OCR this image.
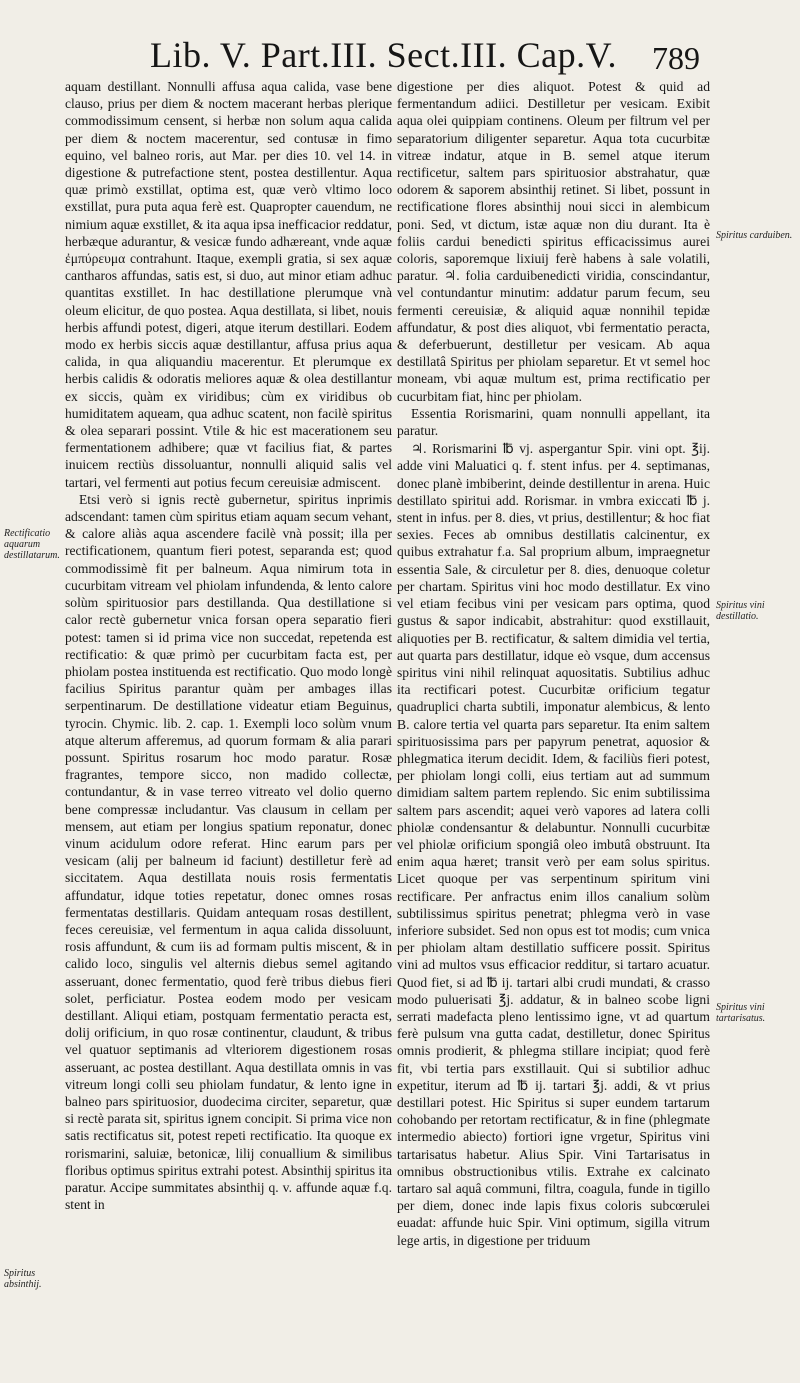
Lib. V. Part.III. Sect.III. Cap.V. 789

aquam destillant. Nonnulli affusa aqua calida, vase bene clauso, prius per diem & noctem macerant herbas plerique commodissimum censent, si herbæ non solum aqua calida per diem & noctem macerentur, sed contusæ in fimo equino, vel balneo roris, aut Mar. per dies 10. vel 14. in digestione & putrefactione stent, postea destillentur. Aqua quæ primò exstillat, optima est, quæ verò vltimo loco exstillat, pura puta aqua ferè est. Quapropter cauendum, ne nimium aquæ exstillet, & ita aqua ipsa inefficacior reddatur, herbæque adurantur, & vesicæ fundo adhæreant, vnde aquæ ἐμπύρευμα contrahunt. Itaque, exempli gratia, si sex aquæ cantharos affundas, satis est, si duo, aut minor etiam adhuc quantitas exstillet. In hac destillatione plerumque vnà oleum elicitur, de quo postea. Aqua destillata, si libet, nouis herbis affundi potest, digeri, atque iterum destillari. Eodem modo ex herbis siccis aquæ destillantur, affusa prius aqua calida, in qua aliquandiu macerentur. Et plerumque ex herbis calidis & odoratis meliores aquæ & olea destillantur ex siccis, quàm ex viridibus; cùm ex viridibus ob humiditatem aqueam, qua adhuc scatent, non facilè spiritus & olea separari possint. Vtile & hic est macerationem seu fermentationem adhibere; quæ vt facilius fiat, & partes inuicem rectiùs dissoluantur, nonnulli aliquid salis vel tartari, vel fermenti aut potius fecum cereuisiæ admiscent.

Etsi verò si ignis rectè gubernetur, spiritus inprimis adscendant: tamen cùm spiritus etiam aquam secum vehant, & calore aliàs aqua ascendere facilè vnà possit; illa per rectificationem, quantum fieri potest, separanda est; quod commodissimè fit per balneum. Aqua nimirum tota in cucurbitam vitream vel phiolam infundenda, & lento calore solùm spirituosior pars destillanda. Qua destillatione si calor rectè gubernetur vnica forsan opera separatio fieri potest: tamen si id prima vice non succedat, repetenda est rectificatio: & quæ primò per cucurbitam facta est, per phiolam postea instituenda est rectificatio. Quo modo longè facilius Spiritus parantur quàm per ambages illas serpentinarum. De destillatione videatur etiam Beguinus, tyrocin. Chymic. lib. 2. cap. 1. Exempli loco solùm vnum atque alterum afferemus, ad quorum formam & alia parari possunt. Spiritus rosarum hoc modo paratur. Rosæ fragrantes, tempore sicco, non madido collectæ, contundantur, & in vase terreo vitreato vel dolio querno bene compressæ includantur. Vas clausum in cellam per mensem, aut etiam per longius spatium reponatur, donec vinum acidulum odore referat. Hinc earum pars per vesicam (alij per balneum id faciunt) destilletur ferè ad siccitatem. Aqua destillata nouis rosis fermentatis affundatur, idque toties repetatur, donec omnes rosas fermentatas destillaris. Quidam antequam rosas destillent, feces cereuisiæ, vel fermentum in aqua calida dissoluunt, rosis affundunt, & cum iis ad formam pultis miscent, & in calido loco, singulis vel alternis diebus semel agitando asseruant, donec fermentatio, quod ferè tribus diebus fieri solet, perficiatur. Postea eodem modo per vesicam destillant. Aliqui etiam, postquam fermentatio peracta est, dolij orificium, in quo rosæ continentur, claudunt, & tribus vel quatuor septimanis ad vlteriorem digestionem rosas asseruant, ac postea destillant. Aqua destillata omnis in vas vitreum longi colli seu phiolam fundatur, & lento igne in balneo pars spirituosior, duodecima circiter, separetur, quæ si rectè parata sit, spiritus ignem concipit. Si prima vice non satis rectificatus sit, potest repeti rectificatio. Ita quoque ex rorismarini, saluiæ, betonicæ, lilij conuallium & similibus floribus optimus spiritus extrahi potest. Absinthij spiritus ita paratur. Accipe summitates absinthij q. v. affunde aquæ f.q. stent in

digestione per dies aliquot. Potest & quid ad fermentandum adiici. Destilletur per vesicam. Exibit aqua olei quippiam continens. Oleum per filtrum vel per separatorium diligenter separetur. Aqua tota cucurbitæ vitreæ indatur, atque in B. semel atque iterum rectificetur, saltem pars spirituosior abstrahatur, quæ odorem & saporem absinthij retinet. Si libet, possunt in rectificatione flores absinthij noui sicci in alembicum poni. Sed, vt dictum, istæ aquæ non diu durant. Ita è foliis cardui benedicti spiritus efficacissimus aurei coloris, saporemque lixiuij ferè habens à sale volatili, paratur. ♃. folia carduibenedicti viridia, conscindantur, vel contundantur minutim: addatur parum fecum, seu fermenti cereuisiæ, & aliquid aquæ nonnihil tepidæ affundatur, & post dies aliquot, vbi fermentatio peracta, & deferbuerunt, destilletur per vesicam. Ab aqua destillatâ Spiritus per phiolam separetur. Et vt semel hoc moneam, vbi aquæ multum est, prima rectificatio per cucurbitam fiat, hinc per phiolam.

Essentia Rorismarini, quam nonnulli appellant, ita paratur.

♃. Rorismarini ℔ vj. aspergantur Spir. vini opt. ℥ij. adde vini Maluatici q. f. stent infus. per 4. septimanas, donec planè imbiberint, deinde destillentur in arena. Huic destillato spiritui add. Rorismar. in vmbra exiccati ℔ j. stent in infus. per 8. dies, vt prius, destillentur; & hoc fiat sexies. Feces ab omnibus destillatis calcinentur, ex quibus extrahatur f.a. Sal proprium album, impraegnetur essentia Sale, & circuletur per 8. dies, denuoque coletur per chartam. Spiritus vini hoc modo destillatur. Ex vino vel etiam fecibus vini per vesicam pars optima, quod gustus & sapor indicabit, abstrahitur: quod exstillauit, aliquoties per B. rectificatur, & saltem dimidia vel tertia, aut quarta pars destillatur, idque eò vsque, dum accensus spiritus vini nihil relinquat aquositatis. Subtilius adhuc ita rectificari potest. Cucurbitæ orificium tegatur quadruplici charta subtili, imponatur alembicus, & lento B. calore tertia vel quarta pars separetur. Ita enim saltem spirituosissima pars per papyrum penetrat, aquosior & phlegmatica iterum decidit. Idem, & faciliùs fieri potest, per phiolam longi colli, eius tertiam aut ad summum dimidiam saltem partem replendo. Sic enim subtilissima saltem pars ascendit; aquei verò vapores ad latera colli phiolæ condensantur & delabuntur. Nonnulli cucurbitæ vel phiolæ orificium spongiâ oleo imbutâ obstruunt. Ita enim aqua hæret; transit verò per eam solus spiritus. Licet quoque per vas serpentinum spiritum vini rectificare. Per anfractus enim illos canalium solùm subtilissimus spiritus penetrat; phlegma verò in vase inferiore subsidet. Sed non opus est tot modis; cum vnica per phiolam altam destillatio sufficere possit. Spiritus vini ad multos vsus efficacior redditur, si tartaro acuatur. Quod fiet, si ad ℔ ij. tartari albi crudi mundati, & crasso modo puluerisati ℥j. addatur, & in balneo scobe ligni serrati madefacta pleno lentissimo igne, vt ad quartum ferè pulsum vna gutta cadat, destilletur, donec Spiritus omnis prodierit, & phlegma stillare incipiat; quod ferè fit, vbi tertia pars exstillauit. Qui si subtilior adhuc expetitur, iterum ad ℔ ij. tartari ℥j. addi, & vt prius destillari potest. Hic Spiritus si super eundem tartarum cohobando per retortam rectificatur, & in fine (phlegmate intermedio abiecto) fortiori igne vrgetur, Spiritus vini tartarisatus habetur. Alius Spir. Vini Tartarisatus in omnibus obstructionibus vtilis. Extrahe ex calcinato tartaro sal aquâ communi, filtra, coagula, funde in tigillo per diem, donec inde lapis fixus coloris subcœrulei euadat: affunde huic Spir. Vini optimum, sigilla vitrum lege artis, in digestione per triduum

Rectificatio aquarum destillatarum.
Spiritus absinthij.
Spiritus carduiben.
Spiritus vini destillatio.
Spiritus vini tartarisatus.
